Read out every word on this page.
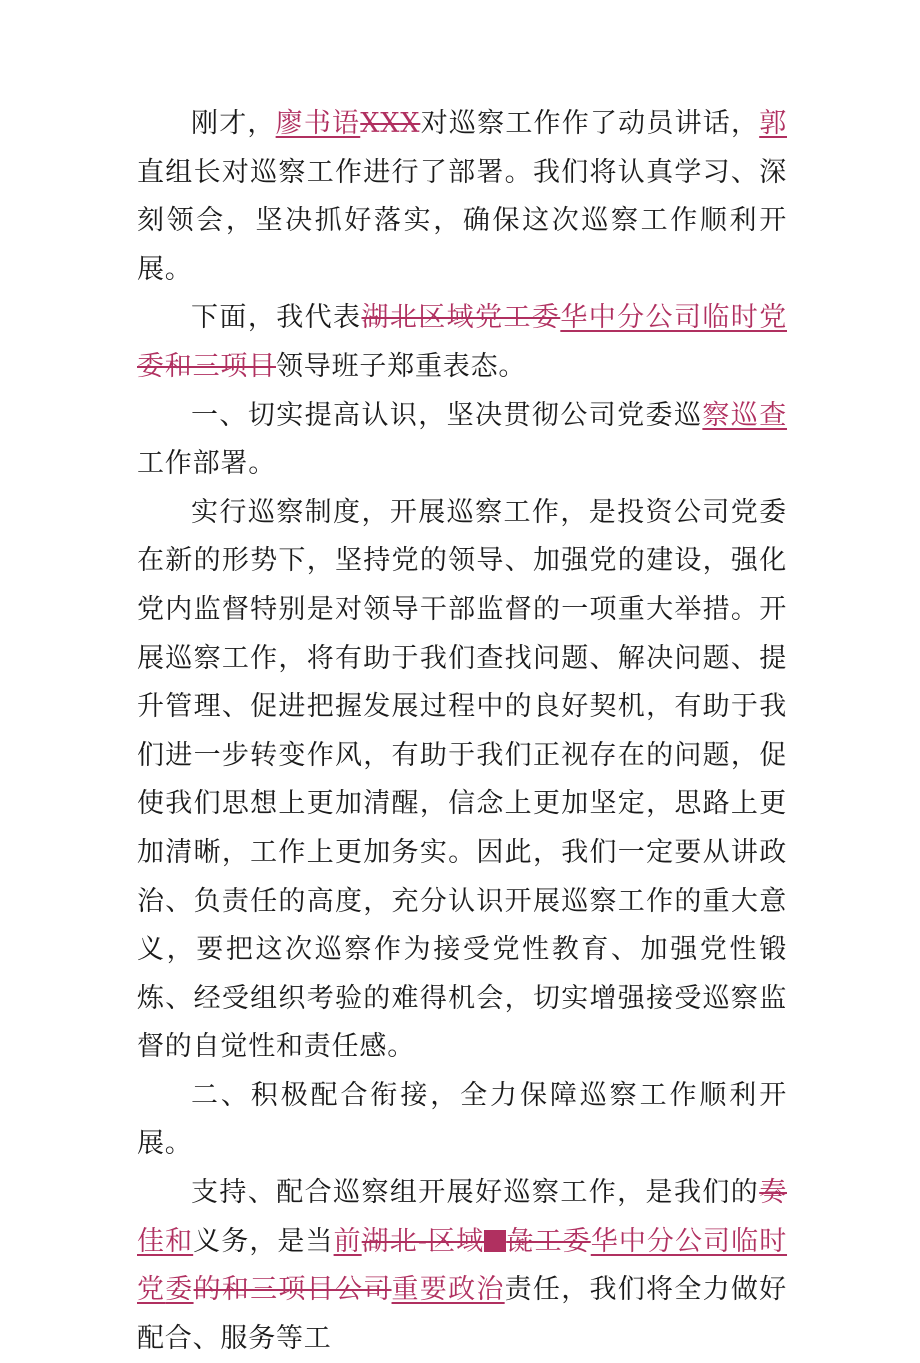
刚才，廖书语XXX对巡察工作作了动员讲话，郭直组长对巡察工作进行了部署。我们将认真学习、深刻领会，坚决抓好落实，确保这次巡察工作顺利开展。

下面，我代表湖北区域党工委华中分公司临时党委和三项目领导班子郑重表态。

一、切实提高认识，坚决贯彻公司党委巡察巡查工作部署。

实行巡察制度，开展巡察工作，是投资公司党委在新的形势下，坚持党的领导、加强党的建设，强化党内监督特别是对领导干部监督的一项重大举措。开展巡察工作，将有助于我们查找问题、解决问题、提升管理、促进把握发展过程中的良好契机，有助于我们进一步转变作风，有助于我们正视存在的问题，促使我们思想上更加清醒，信念上更加坚定，思路上更加清晰，工作上更加务实。因此，我们一定要从讲政治、负责任的高度，充分认识开展巡察工作的重大意义，要把这次巡察作为接受党性教育、加强党性锻炼、经受组织考验的难得机会，切实增强接受巡察监督的自觉性和责任感。

二、积极配合衔接，全力保障巡察工作顺利开展。

支持、配合巡察组开展好巡察工作，是我们的奏佳和义务，是当前湖北-区域 彘工委华中分公司临时党委的和三项目公司重要政治责任，我们将全力做好配合、服务等工
